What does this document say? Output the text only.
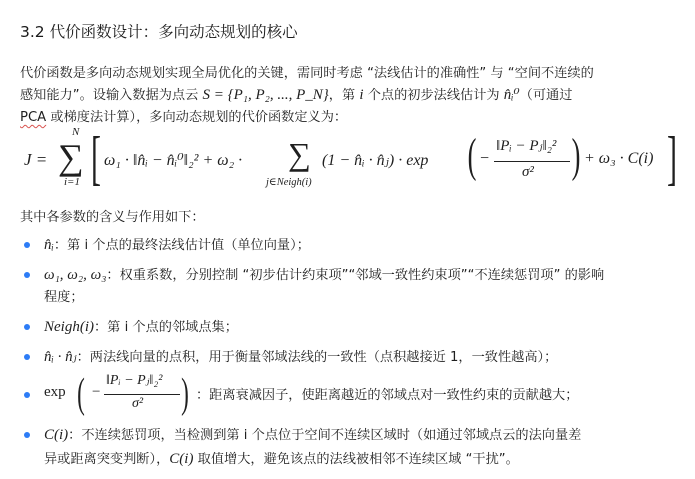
3.2 代价函数设计：多向动态规划的核心
代价函数是多向动态规划实现全局优化的关键，需同时考虑 “法线估计的准确性” 与 “空间不连续的
感知能力”。设输入数据为点云 S = {P₁, P₂, ..., P_N}，第 i 个点的初步法线估计为 n̂ᵢ⁰（可通过
PCA 或梯度法计算），多向动态规划的代价函数定义为：
J =
N
∑
i=1 [ ω₁ · ‖n̂ᵢ − n̂ᵢ⁰‖₂² + ω₂ · ∑
j∈Neigh(i)
(1 − n̂ᵢ · n̂ⱼ) · exp ( −
‖Pᵢ − Pⱼ‖₂²
σ² ) + ω₃ · C(i) ]
其中各参数的含义与作用如下：
n̂ᵢ：第 i 个点的最终法线估计值（单位向量）；
ω₁, ω₂, ω₃：权重系数，分别控制 “初步估计约束项”“邻域一致性约束项”“不连续惩罚项” 的影响
程度；
Neigh(i)：第 i 个点的邻域点集；
n̂ᵢ · n̂ⱼ：两法线向量的点积，用于衡量邻域法线的一致性（点积越接近 1，一致性越高）；
exp ( −
‖Pᵢ − Pⱼ‖₂²
σ² ) ：距离衰减因子，使距离越近的邻域点对一致性约束的贡献越大；
C(i)：不连续惩罚项，当检测到第 i 个点位于空间不连续区域时（如通过邻域点云的法向量差
异或距离突变判断），C(i) 取值增大，避免该点的法线被相邻不连续区域 “干扰”。
